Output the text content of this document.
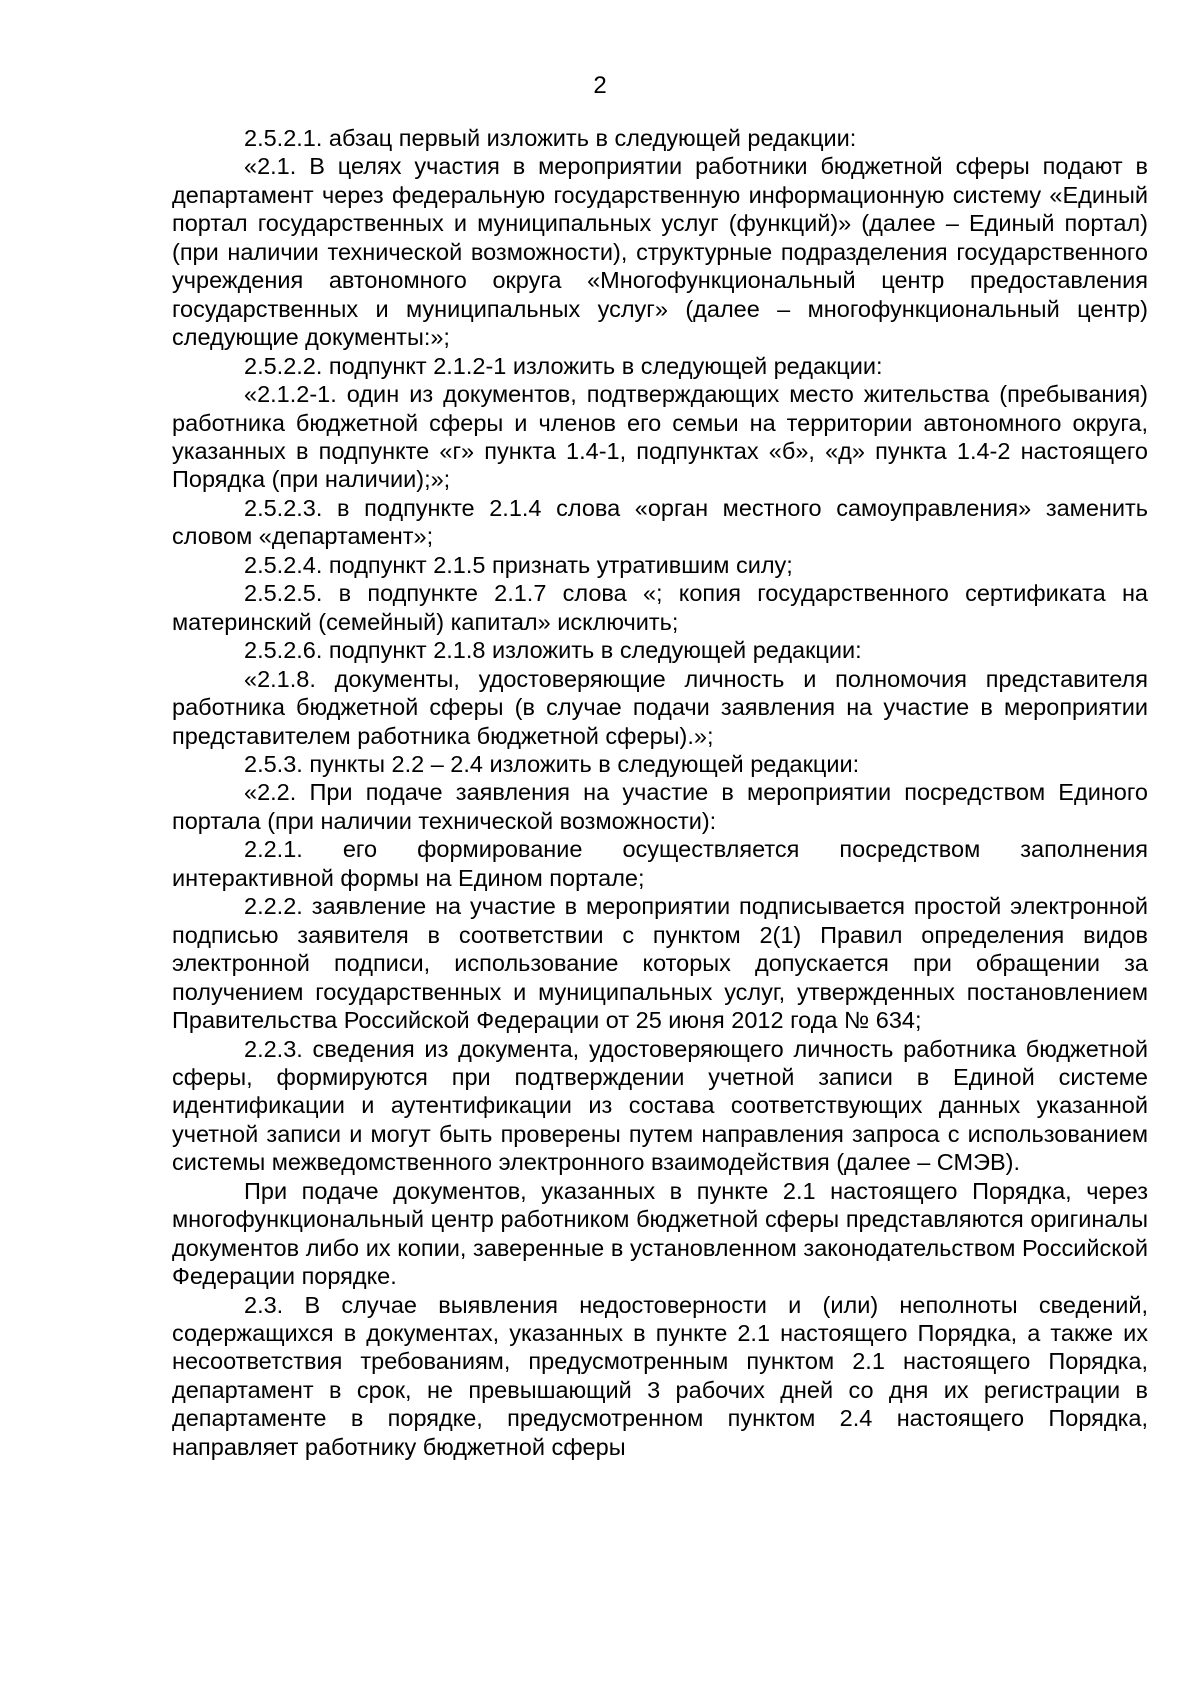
2

2.5.2.1. абзац первый изложить в следующей редакции:

«2.1. В целях участия в мероприятии работники бюджетной сферы подают в департамент через федеральную государственную информационную систему «Единый портал государственных и муниципальных услуг (функций)» (далее – Единый портал) (при наличии технической возможности), структурные подразделения государственного учреждения автономного округа «Многофункциональный центр предоставления государственных и муниципальных услуг» (далее – многофункциональный центр) следующие документы:»;

2.5.2.2. подпункт 2.1.2-1 изложить в следующей редакции:

«2.1.2-1. один из документов, подтверждающих место жительства (пребывания) работника бюджетной сферы и членов его семьи на территории автономного округа, указанных в подпункте «г» пункта 1.4-1, подпунктах «б», «д» пункта 1.4-2 настоящего Порядка (при наличии);»;

2.5.2.3. в подпункте 2.1.4 слова «орган местного самоуправления» заменить словом «департамент»;

2.5.2.4. подпункт 2.1.5 признать утратившим силу;

2.5.2.5. в подпункте 2.1.7 слова «; копия государственного сертификата на материнский (семейный) капитал» исключить;

2.5.2.6. подпункт 2.1.8 изложить в следующей редакции:

«2.1.8. документы, удостоверяющие личность и полномочия представителя работника бюджетной сферы (в случае подачи заявления на участие в мероприятии представителем работника бюджетной сферы).»;

2.5.3. пункты 2.2 – 2.4 изложить в следующей редакции:

«2.2. При подаче заявления на участие в мероприятии посредством Единого портала (при наличии технической возможности):

2.2.1. его формирование осуществляется посредством заполнения интерактивной формы на Едином портале;

2.2.2. заявление на участие в мероприятии подписывается простой электронной подписью заявителя в соответствии с пунктом 2(1) Правил определения видов электронной подписи, использование которых допускается при обращении за получением государственных и муниципальных услуг, утвержденных постановлением Правительства Российской Федерации от 25 июня 2012 года № 634;

2.2.3. сведения из документа, удостоверяющего личность работника бюджетной сферы, формируются при подтверждении учетной записи в Единой системе идентификации и аутентификации из состава соответствующих данных указанной учетной записи и могут быть проверены путем направления запроса с использованием системы межведомственного электронного взаимодействия (далее – СМЭВ).

При подаче документов, указанных в пункте 2.1 настоящего Порядка, через многофункциональный центр работником бюджетной сферы представляются оригиналы документов либо их копии, заверенные в установленном законодательством Российской Федерации порядке.

2.3. В случае выявления недостоверности и (или) неполноты сведений, содержащихся в документах, указанных в пункте 2.1 настоящего Порядка, а также их несоответствия требованиям, предусмотренным пунктом 2.1 настоящего Порядка, департамент в срок, не превышающий 3 рабочих дней со дня их регистрации в департаменте в порядке, предусмотренном пунктом 2.4 настоящего Порядка, направляет работнику бюджетной сферы
